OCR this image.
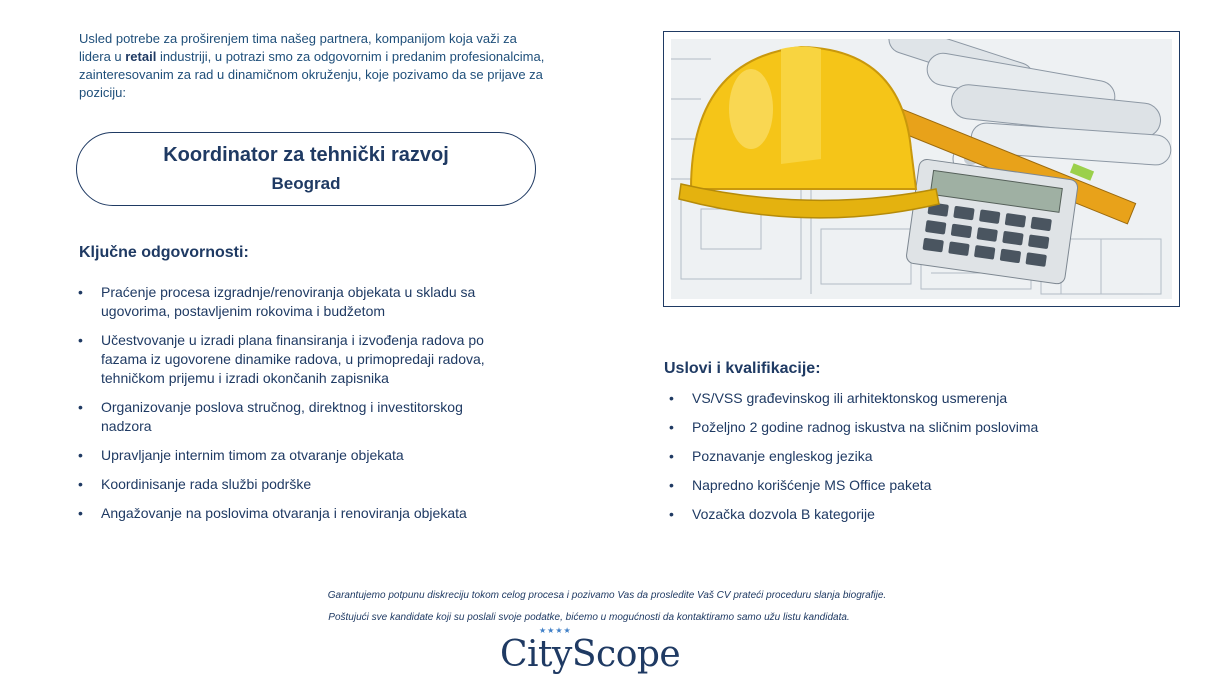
Usled potrebe za proširenjem tima našeg partnera, kompanijom koja važi za lidera u retail industriji, u potrazi smo za odgovornim i predanim profesionalcima, zainteresovanim za rad u dinamičnom okruženju, koje pozivamo da se prijave za poziciju:
Koordinator za tehnički razvoj
Beograd
Ključne odgovornosti:
• Praćenje procesa izgradnje/renoviranja objekata u skladu sa ugovorima, postavljenim rokovima i budžetom
• Učestvovanje u izradi plana finansiranja i izvođenja radova po fazama iz ugovorene dinamike radova, u primopredaji radova, tehničkom prijemu i izradi okončanih zapisnika
• Organizovanje poslova stručnog, direktnog i investitorskog nadzora
• Upravljanje internim timom za otvaranje objekata
• Koordinisanje rada službi podrške
• Angažovanje na poslovima otvaranja i renoviranja objekata
Uslovi i kvalifikacije:
• VS/VSS građevinskog ili arhitektonskog usmerenja
• Poželjno 2 godine radnog iskustva na sličnim poslovima
• Poznavanje engleskog jezika
• Napredno korišćenje MS Office paketa
• Vozačka dozvola B kategorije
Garantujemo potpunu diskreciju tokom celog procesa i pozivamo Vas da prosledite Vaš CV prateći proceduru slanja biografije.
Poštujući sve kandidate koji su poslali svoje podatke, bićemo u mogućnosti da kontaktiramo samo užu listu kandidata.
★★★★
CityScope
